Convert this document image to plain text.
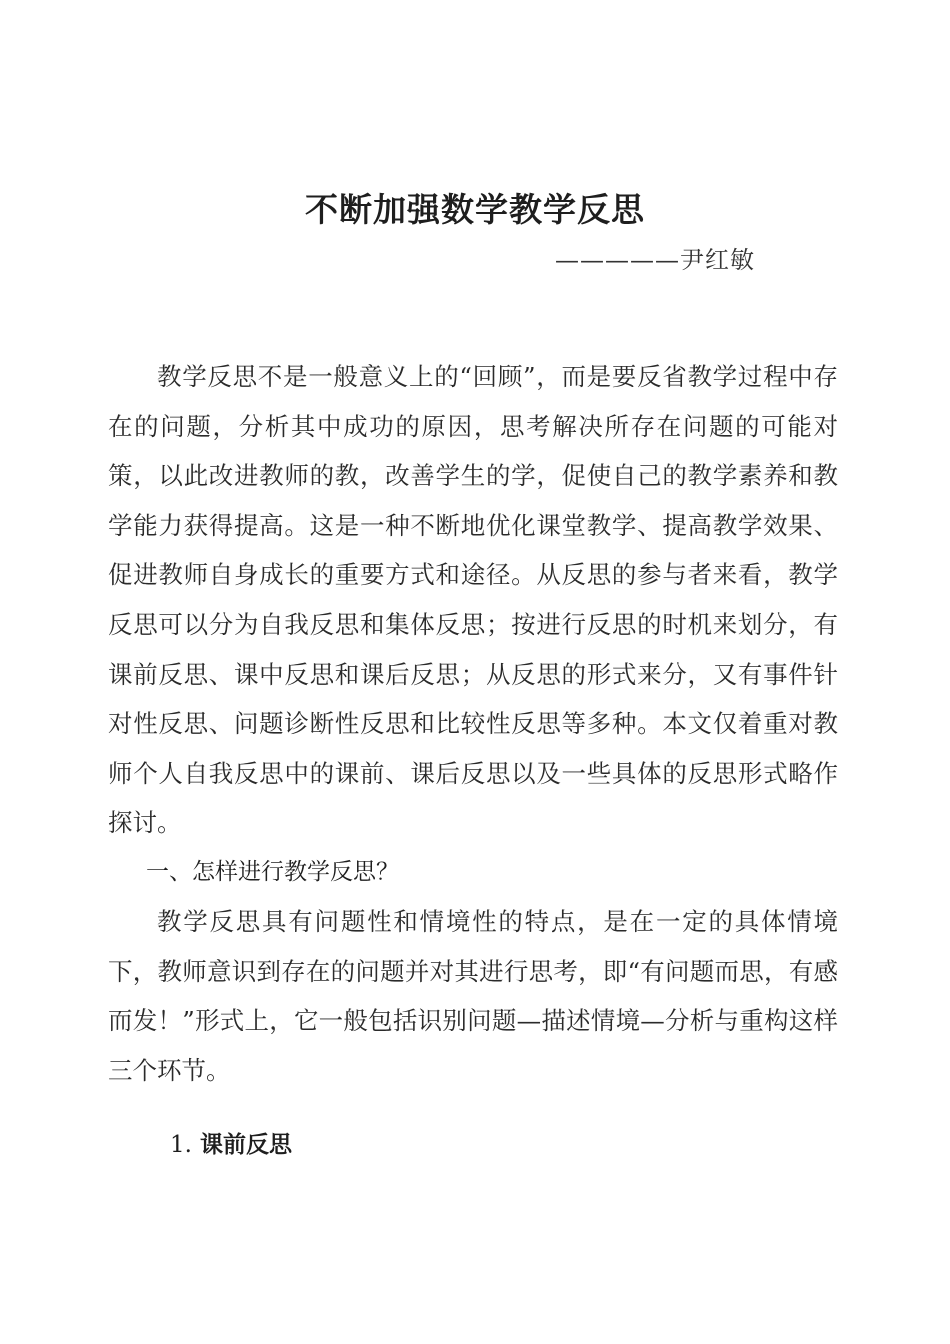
不断加强数学教学反思
—————尹红敏

教学反思不是一般意义上的“回顾”，而是要反省教学过程中存在的问题，分析其中成功的原因，思考解决所存在问题的可能对策，以此改进教师的教，改善学生的学，促使自己的教学素养和教学能力获得提高。这是一种不断地优化课堂教学、提高教学效果、促进教师自身成长的重要方式和途径。从反思的参与者来看，教学反思可以分为自我反思和集体反思；按进行反思的时机来划分，有课前反思、课中反思和课后反思；从反思的形式来分，又有事件针对性反思、问题诊断性反思和比较性反思等多种。本文仅着重对教师个人自我反思中的课前、课后反思以及一些具体的反思形式略作探讨。

一、怎样进行教学反思？

教学反思具有问题性和情境性的特点，是在一定的具体情境下，教师意识到存在的问题并对其进行思考，即“有问题而思，有感而发！”形式上，它一般包括识别问题—描述情境—分析与重构这样三个环节。

1. 课前反思
